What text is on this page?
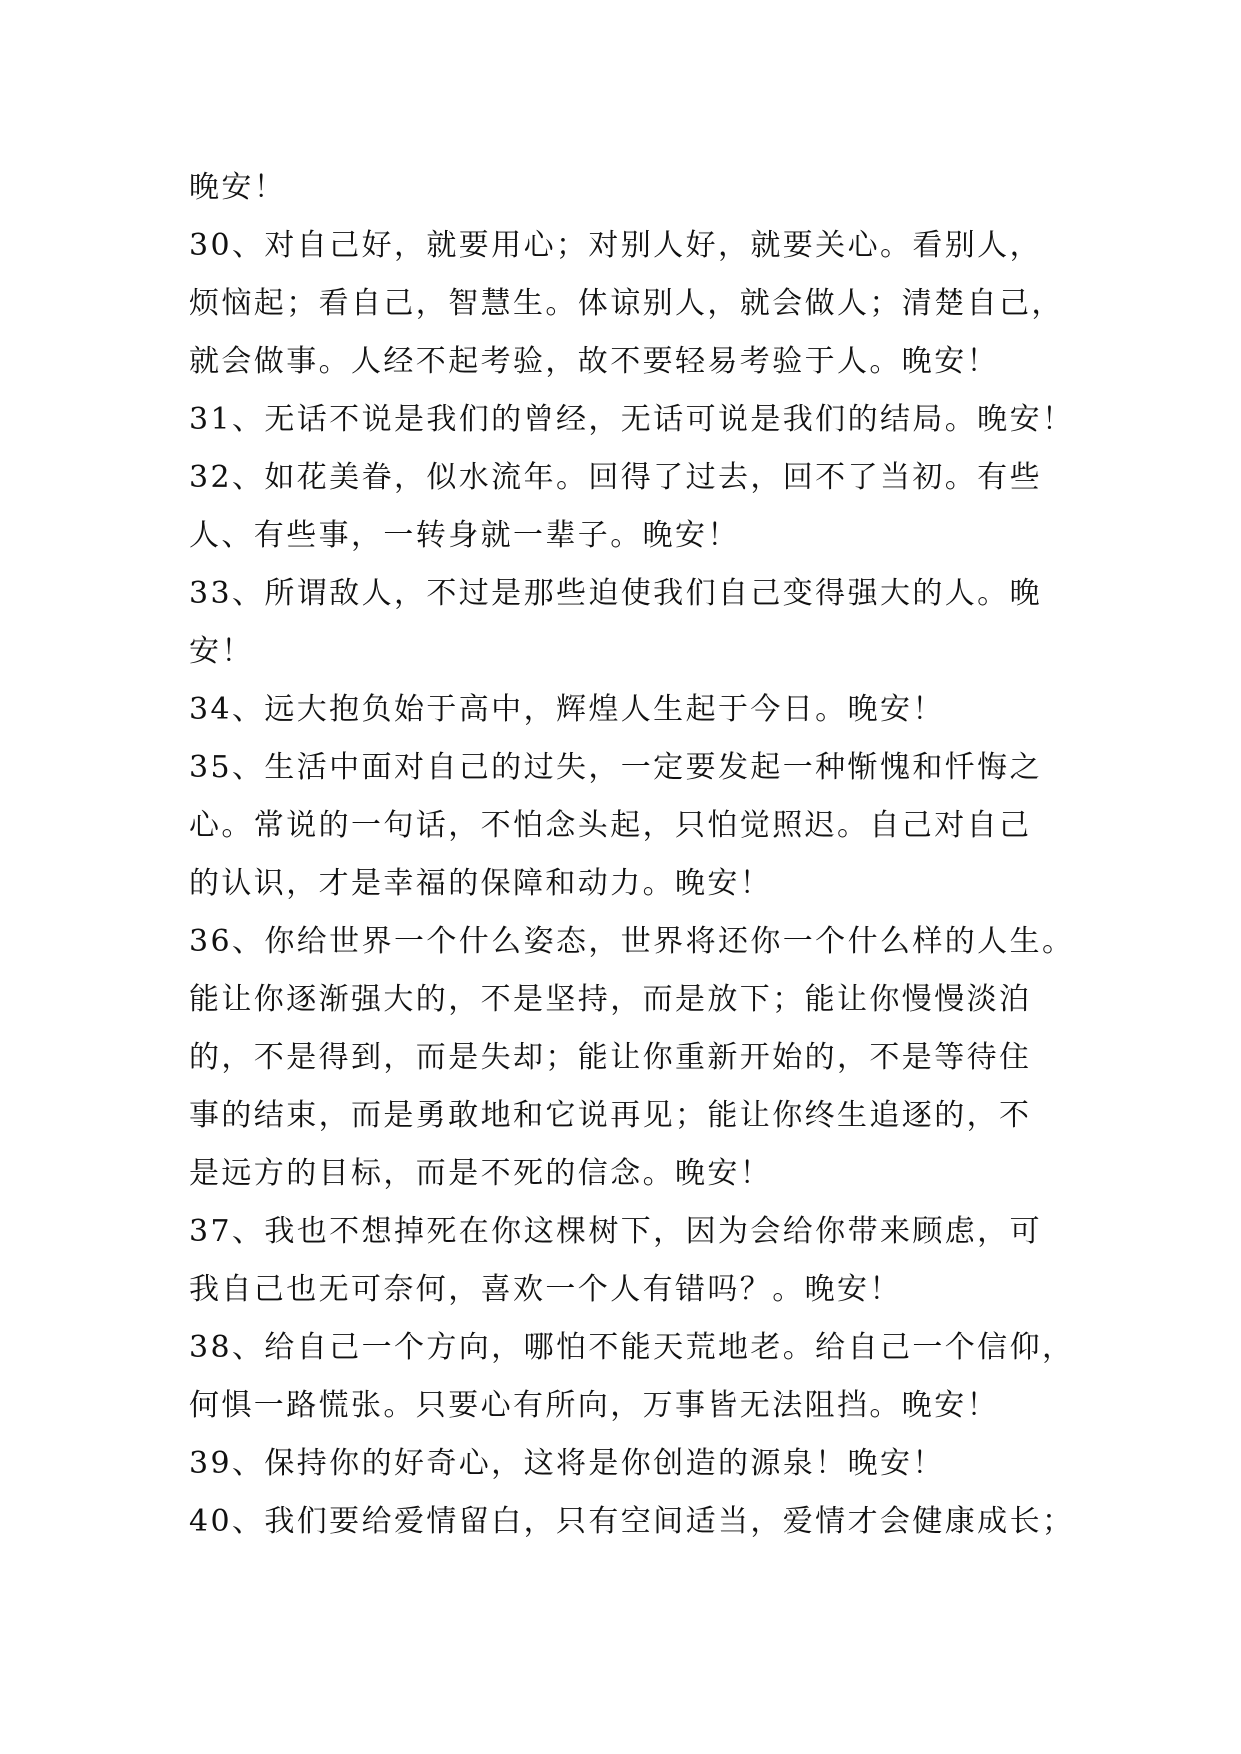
晚安！

30、对自己好，就要用心；对别人好，就要关心。看别人，

烦恼起；看自己，智慧生。体谅别人，就会做人；清楚自己，

就会做事。人经不起考验，故不要轻易考验于人。晚安！

31、无话不说是我们的曾经，无话可说是我们的结局。晚安！

32、如花美眷，似水流年。回得了过去，回不了当初。有些

人、有些事，一转身就一辈子。晚安！

33、所谓敌人，不过是那些迫使我们自己变得强大的人。晚

安！

34、远大抱负始于高中，辉煌人生起于今日。晚安！

35、生活中面对自己的过失，一定要发起一种惭愧和忏悔之

心。常说的一句话，不怕念头起，只怕觉照迟。自己对自己

的认识，才是幸福的保障和动力。晚安！

36、你给世界一个什么姿态，世界将还你一个什么样的人生。

能让你逐渐强大的，不是坚持，而是放下；能让你慢慢淡泊

的，不是得到，而是失却；能让你重新开始的，不是等待住

事的结束，而是勇敢地和它说再见；能让你终生追逐的，不

是远方的目标，而是不死的信念。晚安！

37、我也不想掉死在你这棵树下，因为会给你带来顾虑，可

我自己也无可奈何，喜欢一个人有错吗？。晚安！

38、给自己一个方向，哪怕不能天荒地老。给自己一个信仰，

何惧一路慌张。只要心有所向，万事皆无法阻挡。晚安！

39、保持你的好奇心，这将是你创造的源泉！晚安！

40、我们要给爱情留白，只有空间适当，爱情才会健康成长；
